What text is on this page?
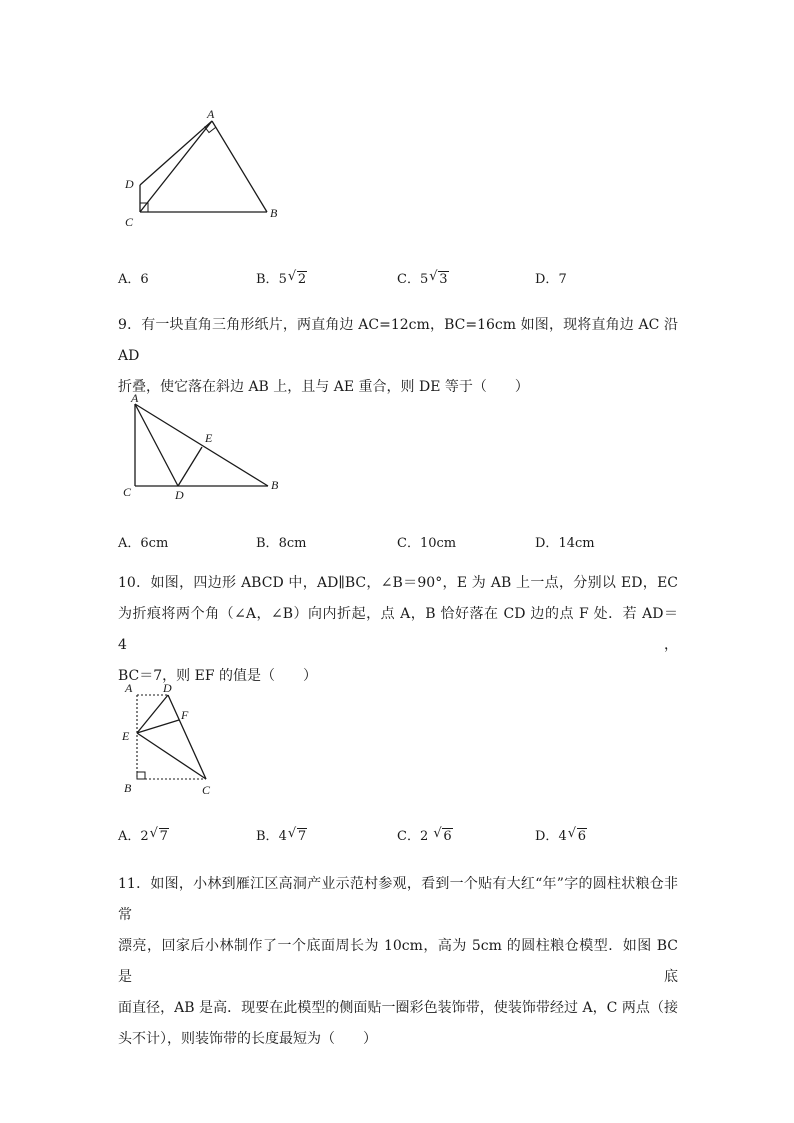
A
D
C
B
A．6	B．5 √ 2	C．5 √ 3	D．7

9．有一块直角三角形纸片，两直角边 AC=12cm，BC=16cm 如图，现将直角边 AC 沿 AD

折叠，使它落在斜边 AB 上，且与 AE 重合，则 DE 等于（　　）

A
E
C	D
B
A．6cm	B．8cm	C．10cm	D．14cm

10．如图，四边形 ABCD 中，AD∥BC，∠B＝90°，E 为 AB 上一点，分别以 ED，EC

为折痕将两个角（∠A，∠B）向内折起，点 A，B 恰好落在 CD 边的点 F 处．若 AD＝4，

BC＝7，则 EF 的值是（　　）

A	D
F
E
B	C
A．2 √ 7	B．4 √ 7	C．2 √ 6	D．4 √ 6

11．如图，小林到雁江区高洞产业示范村参观，看到一个贴有大红“年”字的圆柱状粮仓非常

漂亮，回家后小林制作了一个底面周长为 10cm，高为 5cm 的圆柱粮仓模型．如图 BC 是底

面直径，AB 是高．现要在此模型的侧面贴一圈彩色装饰带，使装饰带经过 A，C 两点（接

头不计），则装饰带的长度最短为（　　）
